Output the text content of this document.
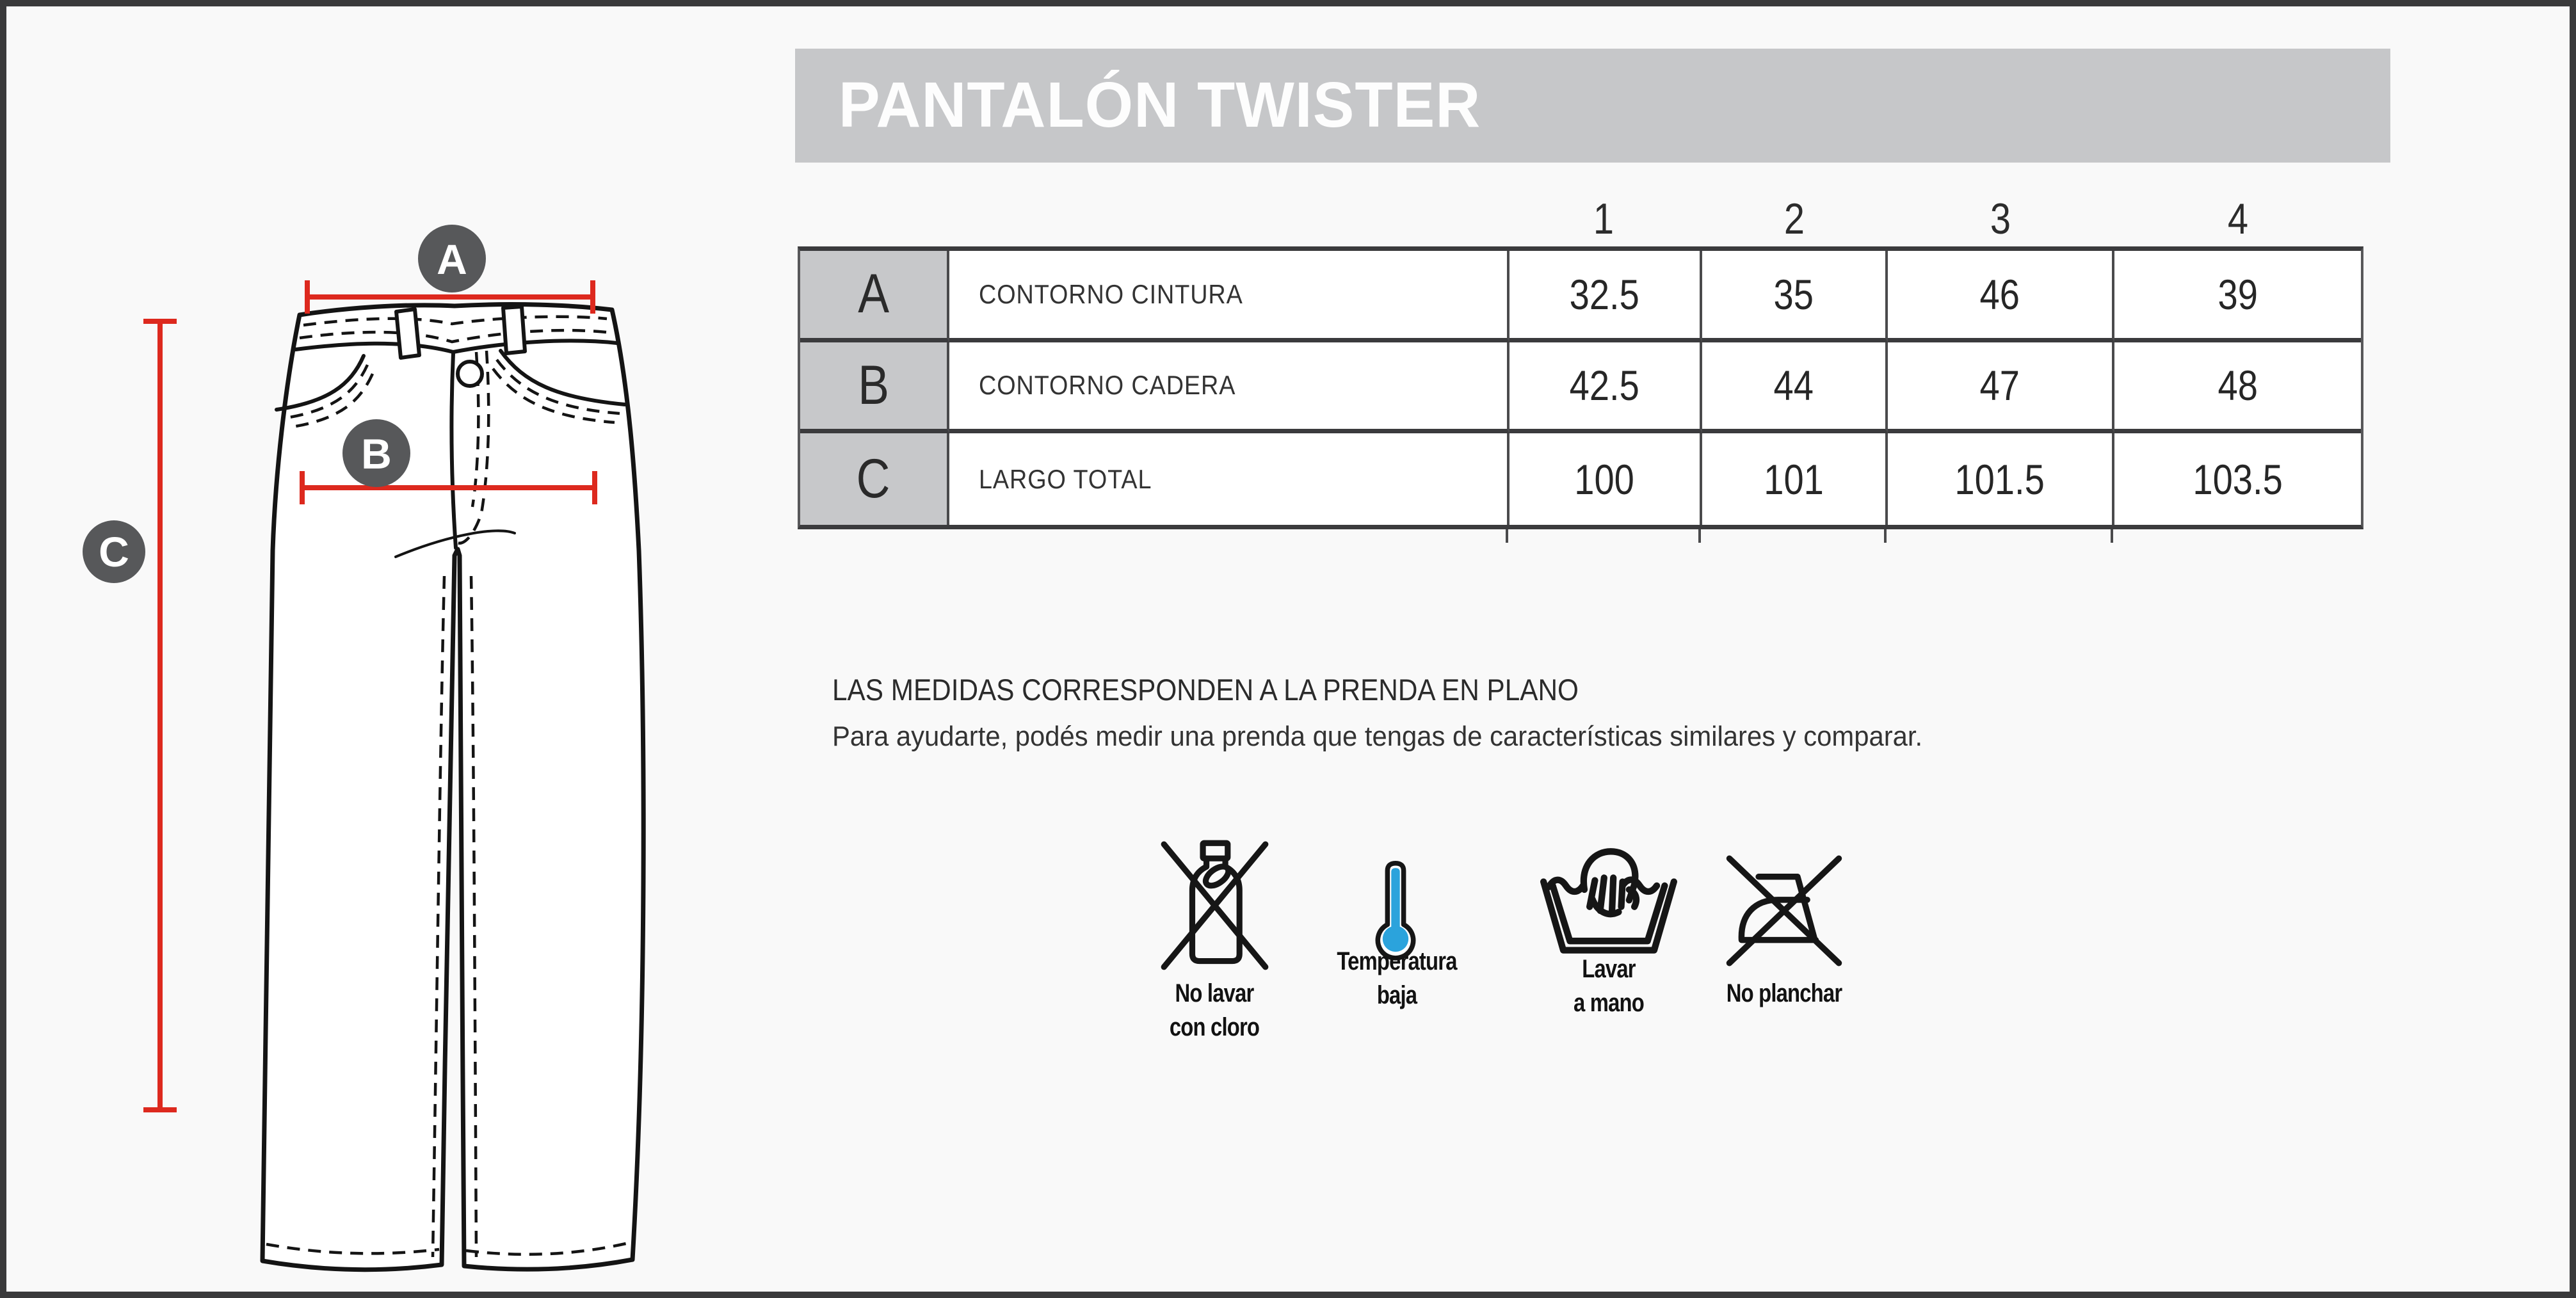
PANTALÓN TWISTER
1	2	3	4
A	CONTORNO CINTURA	32.5	35	46	39
B	CONTORNO CADERA	42.5	44	47	48
C	LARGO TOTAL	100	101	101.5	103.5
LAS MEDIDAS CORRESPONDEN A LA PRENDA EN PLANO
Para ayudarte, podés medir una prenda que tengas de características similares y comparar.
A
B
C
No lavar
con cloro
Temperatura
baja
Lavar
a mano	No planchar
